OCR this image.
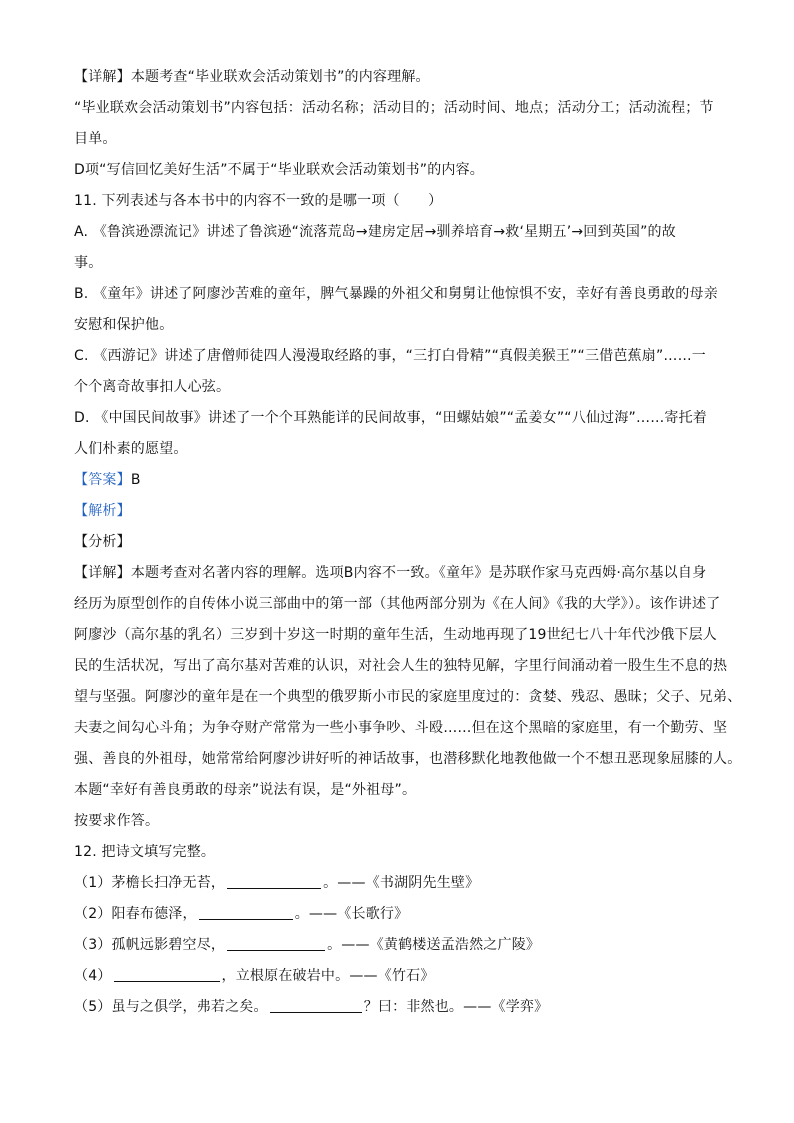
【详解】本题考查“毕业联欢会活动策划书”的内容理解。
“毕业联欢会活动策划书”内容包括：活动名称；活动目的；活动时间、地点；活动分工；活动流程；节
目单。
D项“写信回忆美好生活”不属于“毕业联欢会活动策划书”的内容。
11. 下列表述与各本书中的内容不一致的是哪一项（　　）
A. 《鲁滨逊漂流记》讲述了鲁滨逊“流落荒岛→建房定居→驯养培育→救‘星期五’→回到英国”的故
事。
B. 《童年》讲述了阿廖沙苦难的童年，脾气暴躁的外祖父和舅舅让他惊惧不安，幸好有善良勇敢的母亲
安慰和保护他。
C. 《西游记》讲述了唐僧师徒四人漫漫取经路的事，“三打白骨精”“真假美猴王”“三借芭蕉扇”……一
个个离奇故事扣人心弦。
D. 《中国民间故事》讲述了一个个耳熟能详的民间故事，“田螺姑娘”“孟姜女”“八仙过海”……寄托着
人们朴素的愿望。
【答案】B
【解析】
【分析】
【详解】本题考查对名著内容的理解。选项B内容不一致。《童年》是苏联作家马克西姆·高尔基以自身
经历为原型创作的自传体小说三部曲中的第一部（其他两部分别为《在人间》《我的大学》）。该作讲述了
阿廖沙（高尔基的乳名）三岁到十岁这一时期的童年生活，生动地再现了19世纪七八十年代沙俄下层人
民的生活状况，写出了高尔基对苦难的认识，对社会人生的独特见解，字里行间涌动着一股生生不息的热
望与坚强。阿廖沙的童年是在一个典型的俄罗斯小市民的家庭里度过的：贪婪、残忍、愚昧；父子、兄弟、
夫妻之间勾心斗角；为争夺财产常常为一些小事争吵、斗殴……但在这个黑暗的家庭里，有一个勤劳、坚
强、善良的外祖母，她常常给阿廖沙讲好听的神话故事，也潜移默化地教他做一个不想丑恶现象屈膝的人。
本题“幸好有善良勇敢的母亲”说法有误，是“外祖母”。
按要求作答。
12. 把诗文填写完整。
（1）茅檐长扫净无苔，	。——《书湖阴先生壁》
（2）阳春布德泽，	。——《长歌行》
（3）孤帆远影碧空尽，	。——《黄鹤楼送孟浩然之广陵》
（4）	，立根原在破岩中。——《竹石》
（5）虽与之俱学，弗若之矣。	？曰：非然也。——《学弈》
